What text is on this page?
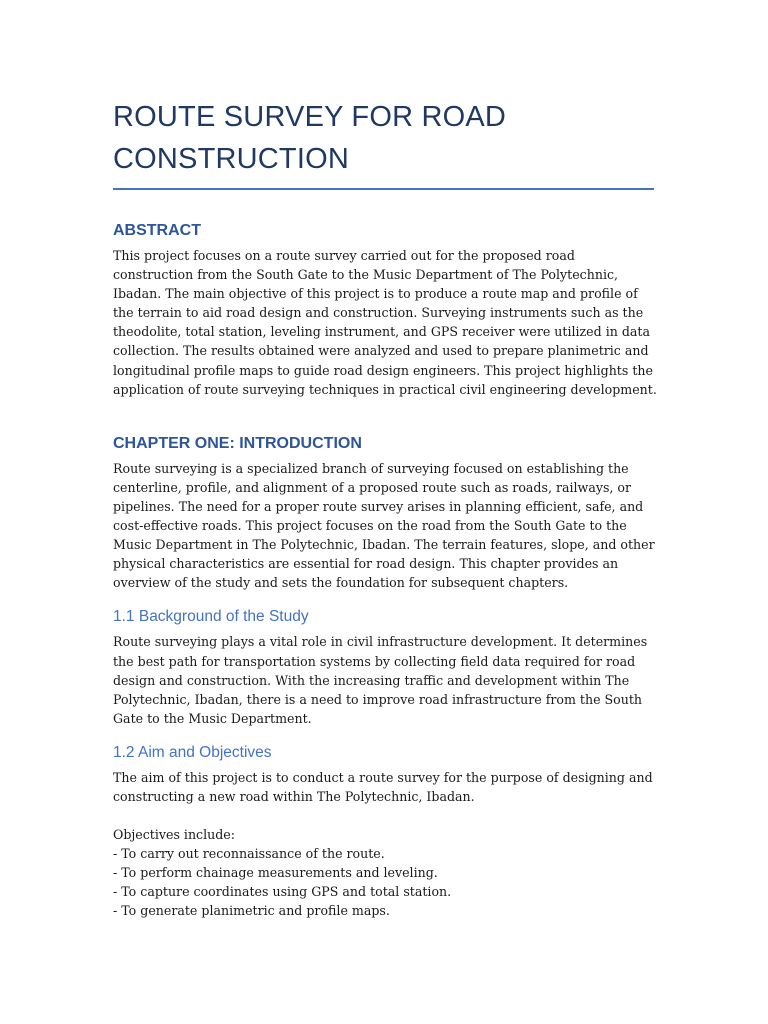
ROUTE SURVEY FOR ROAD
CONSTRUCTION
ABSTRACT

This project focuses on a route survey carried out for the proposed road construction from the South Gate to the Music Department of The Polytechnic, Ibadan. The main objective of this project is to produce a route map and profile of the terrain to aid road design and construction. Surveying instruments such as the theodolite, total station, leveling instrument, and GPS receiver were utilized in data collection. The results obtained were analyzed and used to prepare planimetric and longitudinal profile maps to guide road design engineers. This project highlights the application of route surveying techniques in practical civil engineering development.

CHAPTER ONE: INTRODUCTION

Route surveying is a specialized branch of surveying focused on establishing the centerline, profile, and alignment of a proposed route such as roads, railways, or pipelines. The need for a proper route survey arises in planning efficient, safe, and cost-effective roads. This project focuses on the road from the South Gate to the Music Department in The Polytechnic, Ibadan. The terrain features, slope, and other physical characteristics are essential for road design. This chapter provides an overview of the study and sets the foundation for subsequent chapters.

1.1 Background of the Study

Route surveying plays a vital role in civil infrastructure development. It determines the best path for transportation systems by collecting field data required for road design and construction. With the increasing traffic and development within The Polytechnic, Ibadan, there is a need to improve road infrastructure from the South Gate to the Music Department.

1.2 Aim and Objectives

The aim of this project is to conduct a route survey for the purpose of designing and constructing a new road within The Polytechnic, Ibadan.

Objectives include:

- To carry out reconnaissance of the route.
- To perform chainage measurements and leveling.
- To capture coordinates using GPS and total station.
- To generate planimetric and profile maps.
